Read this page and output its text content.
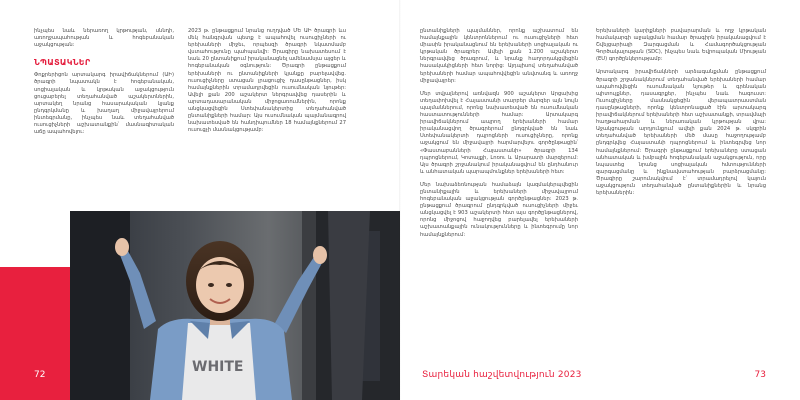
ինչպես նաև ներառող կրթության, սննդի, առողջապահության և հոգեբանական աջակցության:

ՆՊԱՏԱԿՆԵՐ

Փոքրերիցոն արտակարգ իրավիճակներում (ԱԻ) ծրագրի նպատակն է հոգեբանական, սոցիալական և կրթական աջակցություն ցուցաբերել տեղահանված աշակերտներին, արտակեղ նրանց հասարակական կյանք ընդգրկմանը և խաղաղ միջավայրերում ինտեգրմանը, ինչպես նաև տեղահանված ուսուցիչների աշխատանքին՝ մասնագիտական աճը ապահովելու:

2023 թ. ընթացքում նրանց ուղղված ՄԵ ԱԻ ծրագրի ևս մեկ հանգրվան պետք է ապահովել ուսուցիչների ու երեխաների միջեւ, որպեսզի ծրագրի նկատմամբ վստահությունը պահպանվի: Ծրագիրը նախատեսում է նաև 20 ընտանիքում իրականացնել ամենամսյա այցեր և հոգեբանական օգնություն: Ծրագրի ընթացքում երեխաների ու ընտանիքների կյանքը բարելավվեց. ուսուցիչները ստացան լրացուցիչ դասընթացներ, իսկ համայնքներին տրամադրվեցին ուսումնական նյութեր: Ավելի քան 200 աշակերտ ներգրավվեց դասերին և արտադասարանական միջոցառումներին, որոնք անցկացվեցին Ստեփանակերտից տեղահանված ընտանիքների համար: Այս ուսումնական պայմանագրով նախատեսված են հանդիպումներ 18 համայնքներում 27 ուսուցչի մասնակցությամբ:

WHITE
72

ընտանիքների պայմաններ, որոնք աշխատում են համայնքային կենտրոններում ու ուսուցիչների հետ միասին իրականացնում են երեխաների սոցիալական ու կրթական ծրագրեր: Ավելի քան 1.200 աշակերտ ներգրավվեց ծրագրում, և նրանք հաղորդակցվեցին հասակակիցների հետ նորից: Այդպիսով տեղահանված երեխաների համար ապահովվեցին անվտանգ և առողջ միջավայրեր:

Մեր տվյալներով առնվազն 900 աշակերտ Արցախից տեղափոխվել է Հայաստանի տարբեր մարզեր այն նույն պայմաններում, որոնց նախատեսված են ուսումնական հաստատությունների համար: Արտակարգ իրավիճակներում ապրող երեխաների համար իրականացվող ծրագրերում ընդգրկված են նաև Ստեփանակերտի դպրոցների ուսուցիչները, որոնք աջակցում են միջավայրի հարմարվելու գործընթացին՝ «Փաստաբանների Հայաստանի» ծրագրի 134 դպրոցներում, Կոտայքի, Լոռու և Արարատի մարզերում: Այս ծրագրի շրջանակում իրականացվում են ընդհանուր և անհատական պարապմունքներ երեխաների հետ:

Մեր նախաձեռնության համաձայն կազմակերպվեցին ընտանիքային և երեխաների միջավայրում հոգեբանական աջակցության գործընթացներ: 2023 թ. ընթացքում ծրագրում ընդգրկված ուսուցիչների միջեւ անցկացվել է 903 աշակերտի հետ այս գործընթացներով, որոնց միջոցով հաջողվեց բարելավել երեխաների աշխատանքային ունակությունները և ինտեգրումը նոր համայնքներում:

Երեխաների կարիքների բավարարման և ողջ կրթական համակարգի աջակցման համար ծրագիրն իրականացվում է Շվեյցարիայի Զարգացման և Համագործակցության Գործակալության (SDC), ինչպես նաև Եվրոպական Միության (EU) գործընկերությամբ:

Արտակարգ իրավիճակների արձագանքման ընթացքում ծրագրի շրջանակներում տեղահանված երեխաների համար ապահովվեցին ուսումնական նյութեր և գրենական պիտույքներ, դասագրքեր, ինչպես նաև հագուստ: Ուսուցիչները մասնակցեցին վերապատրաստման դասընթացների, որոնք կենտրոնացած էին արտակարգ իրավիճակներում երեխաների հետ աշխատանքի, տրավմայի հաղթահարման և ներառական կրթության վրա: Աջակցության արդյունքում ավելի քան 2024 թ. սկզբին տեղահանված երեխաների մեծ մասը հաջողությամբ ընդգրկվեց Հայաստանի դպրոցներում և ինտեգրվեց նոր համայնքներում: Ծրագրի ընթացքում երեխաները ստացան անհատական և խմբային հոգեբանական աջակցություն, որը նպաստեց նրանց սոցիալական հմտությունների զարգացմանը և ինքնավստահության բարձրացմանը: Ծրագիրը շարունակվում է՝ տրամադրելով կայուն աջակցություն տեղահանված ընտանիքներին և նրանց երեխաներին:

Տարեկան հաշվետվություն 2023	73
